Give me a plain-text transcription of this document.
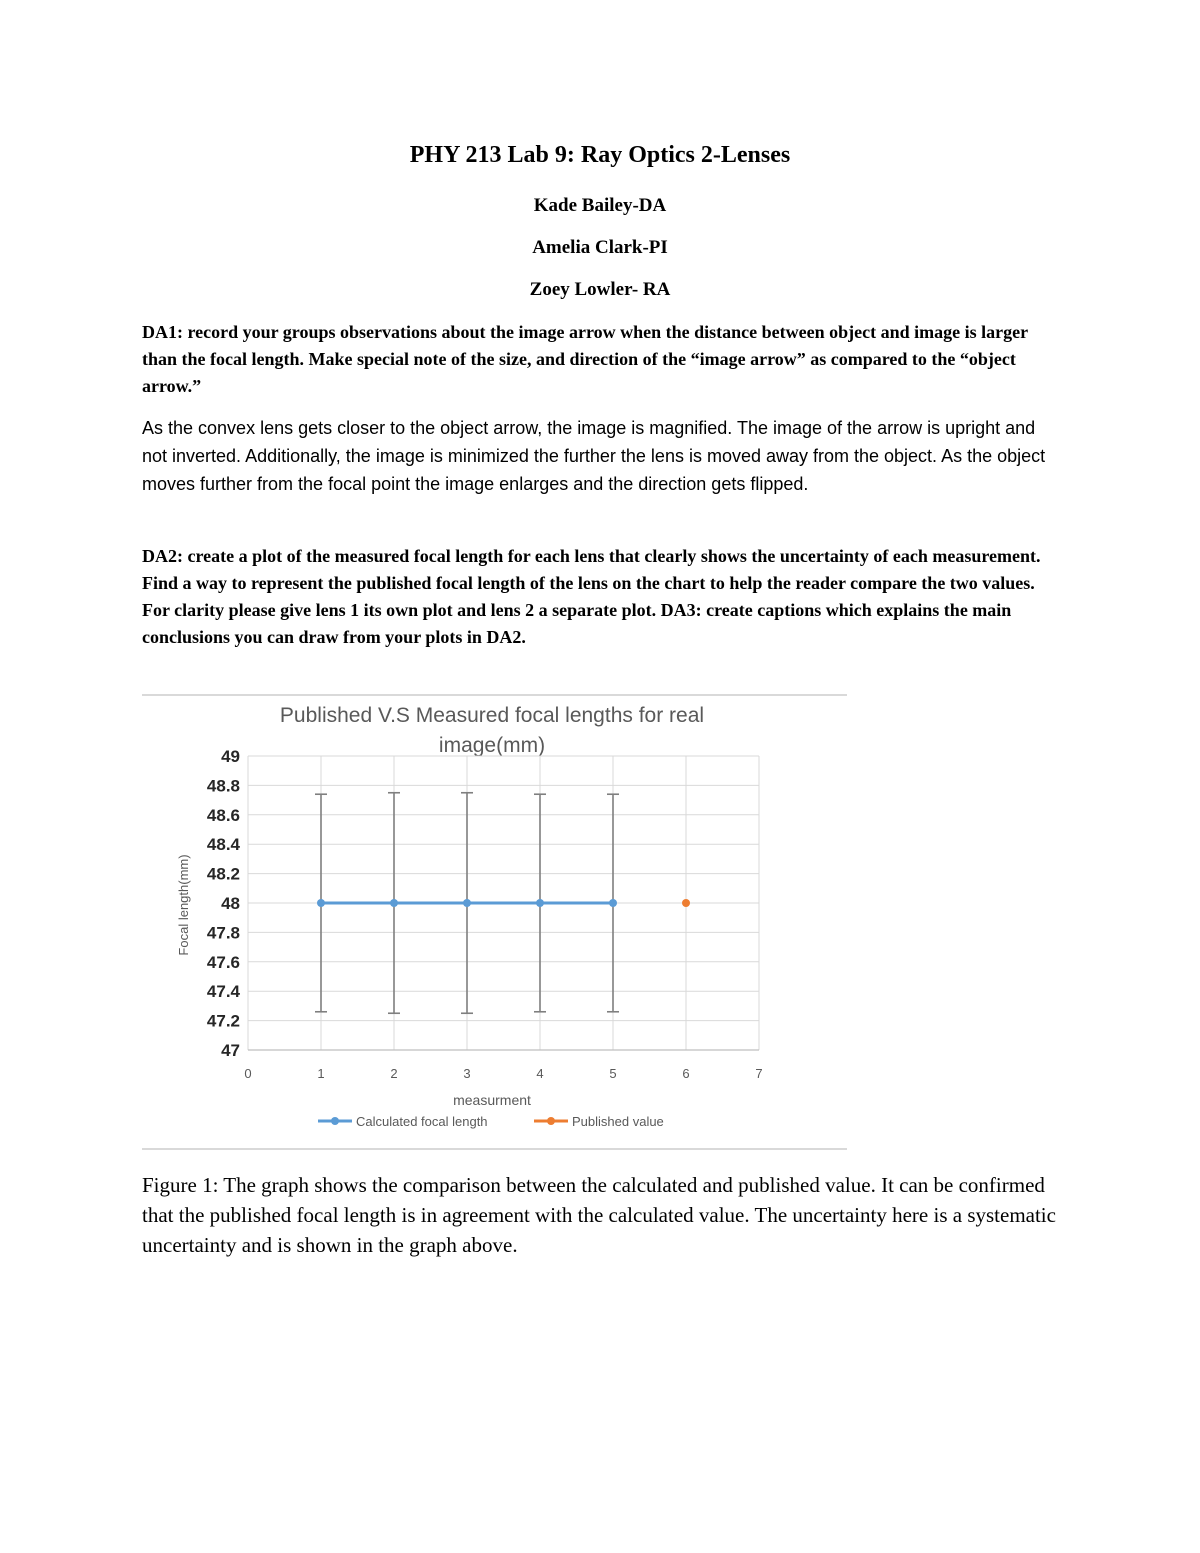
PHY 213 Lab 9: Ray Optics 2-Lenses
Kade Bailey-DA
Amelia Clark-PI
Zoey Lowler- RA
DA1: record your groups observations about the image arrow when the distance between object and image is larger than the focal length. Make special note of the size, and direction of the “image arrow” as compared to the “object arrow.”
As the convex lens gets closer to the object arrow, the image is magnified. The image of the arrow is upright and not inverted. Additionally, the image is minimized the further the lens is moved away from the object. As the object moves further from the focal point the image enlarges and the direction gets flipped.
DA2: create a plot of the measured focal length for each lens that clearly shows the uncertainty of each measurement. Find a way to represent the published focal length of the lens on the chart to help the reader compare the two values. For clarity please give lens 1 its own plot and lens 2 a separate plot. DA3: create captions which explains the main conclusions you can draw from your plots in DA2.
Published V.S Measured focal lengths for real
image(mm)
47
47.2
47.4
47.6
47.8
48
48.2
48.4
48.6
48.8
49
0	1	2	3	4	5	6	7
measurment
Focal length(mm)
Calculated focal length	Published value
Figure 1: The graph shows the comparison between the calculated and published value. It can be confirmed that the published focal length is in agreement with the calculated value. The uncertainty here is a systematic uncertainty and is shown in the graph above.
